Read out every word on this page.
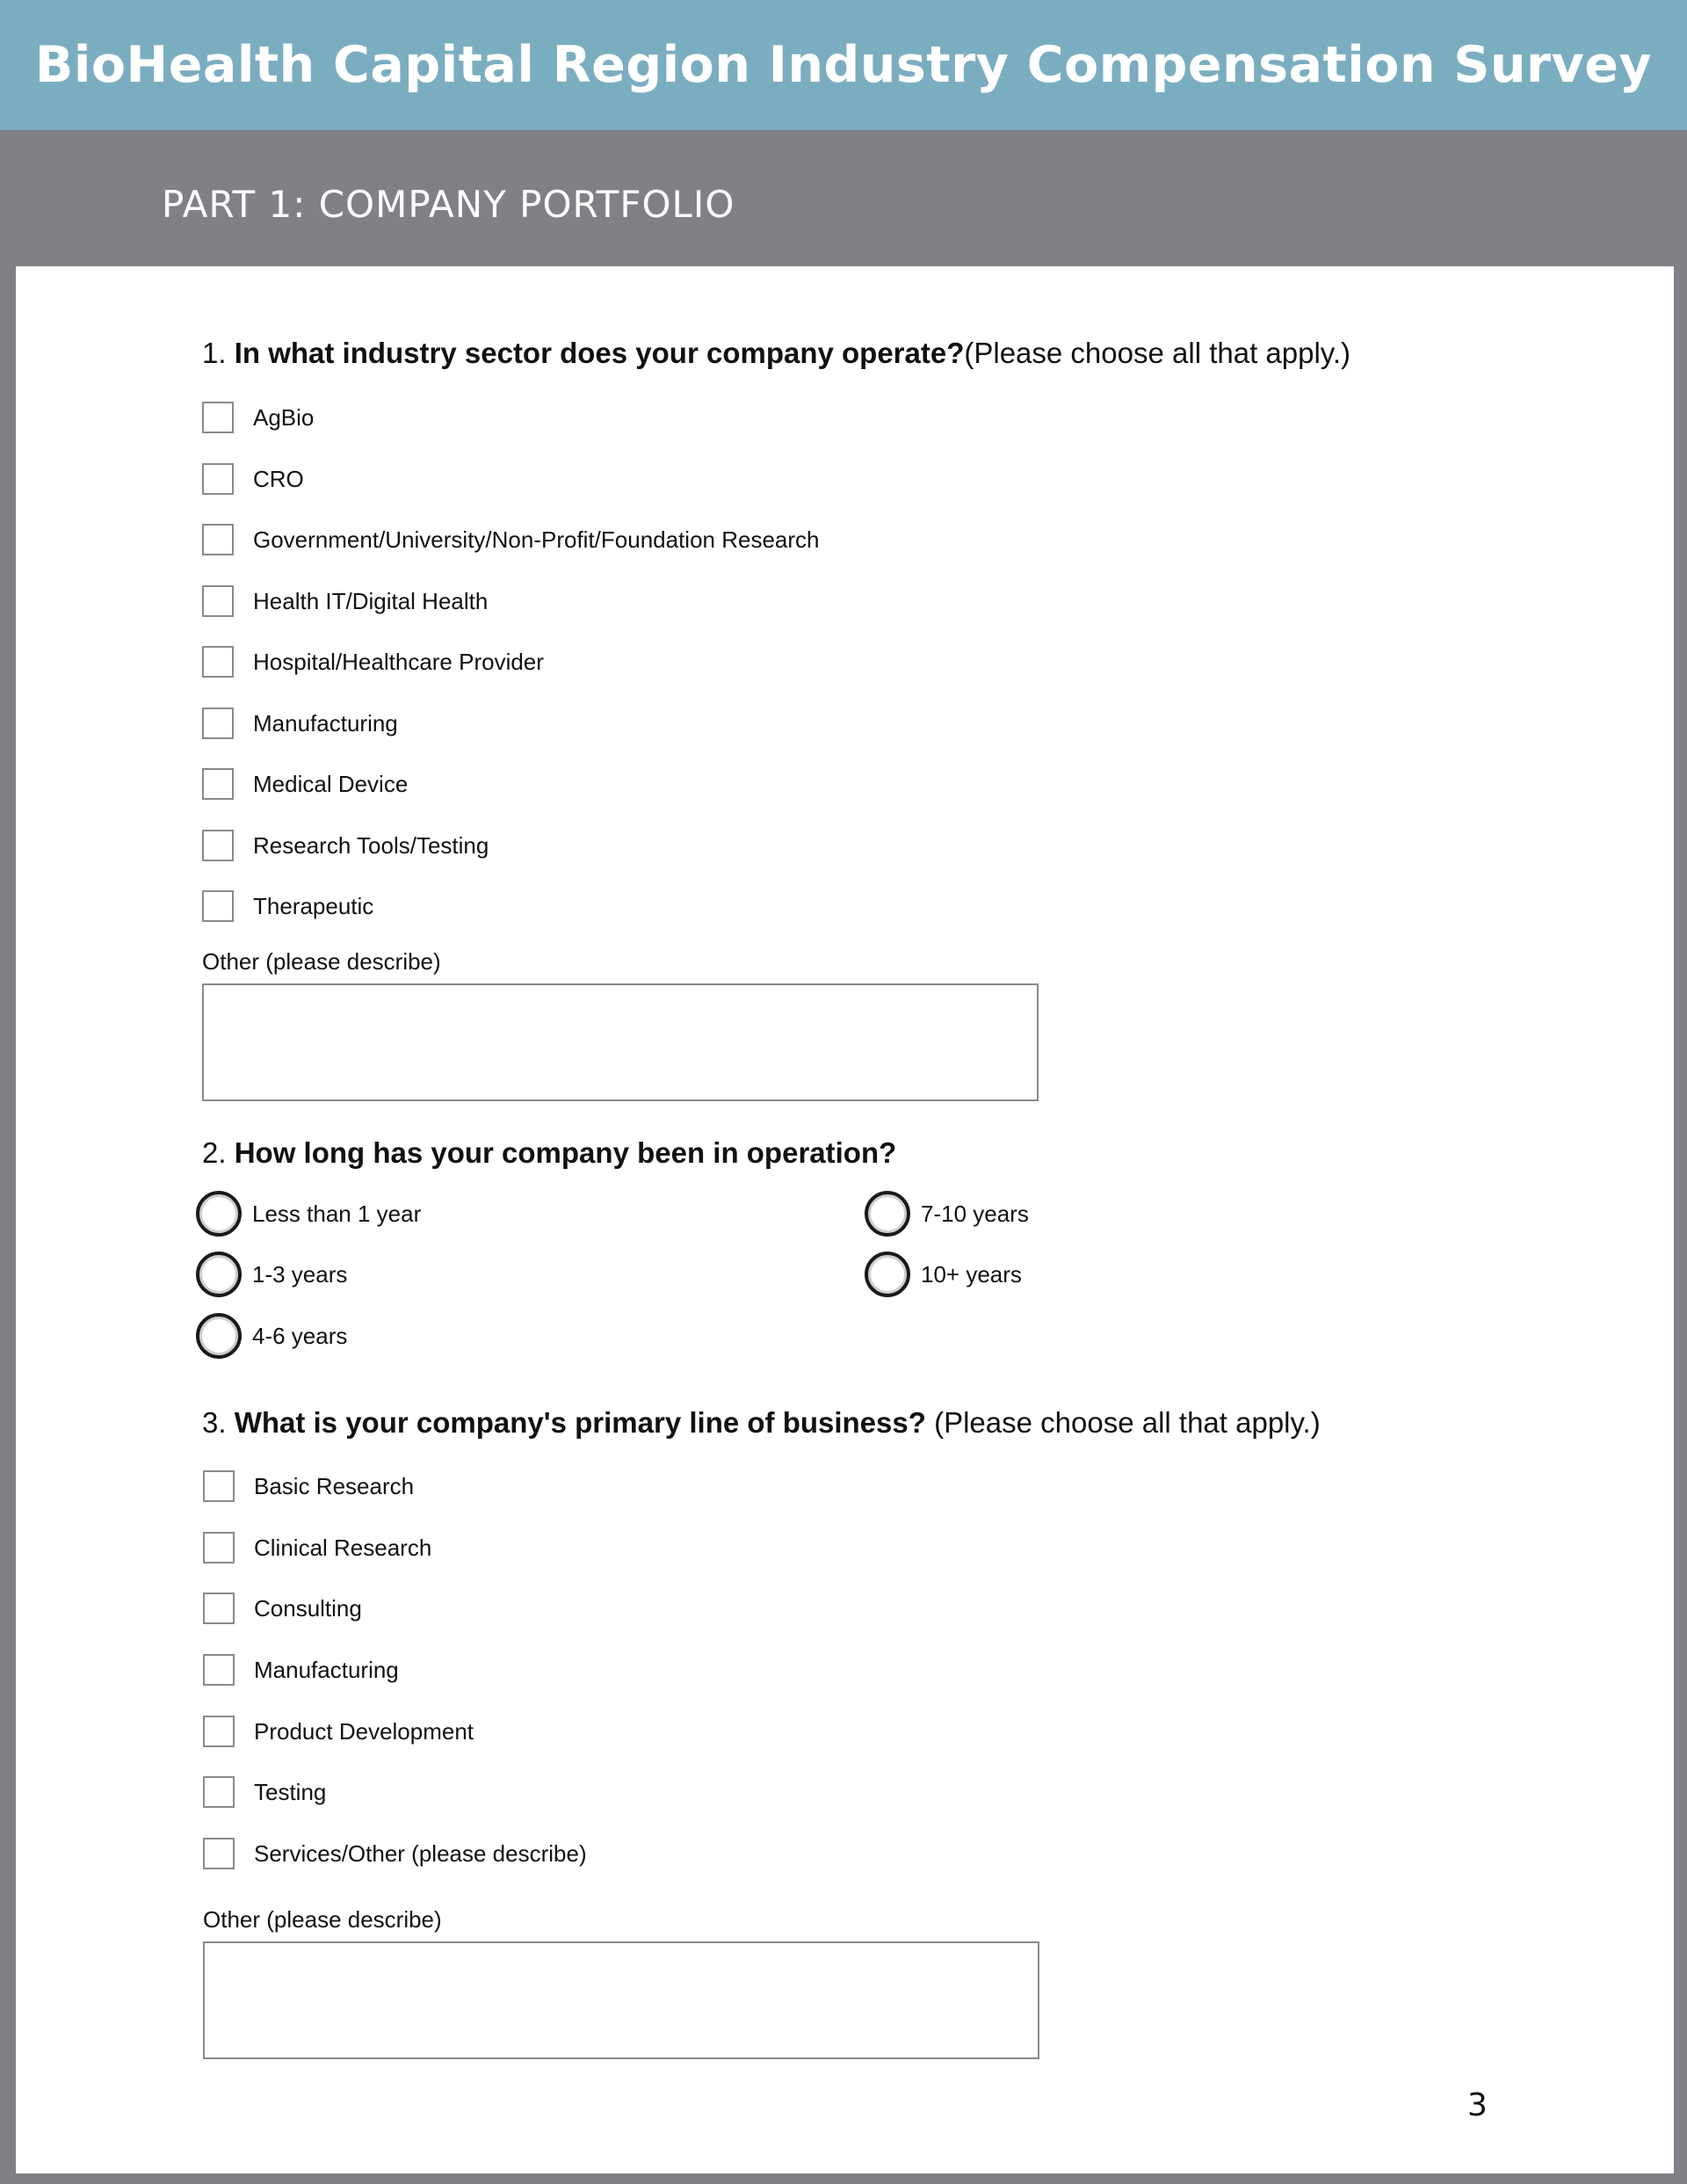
BioHealth Capital Region Industry Compensation Survey
PART 1: COMPANY PORTFOLIO
1. In what industry sector does your company operate?(Please choose all that apply.)
AgBio
CRO
Government/University/Non-Profit/Foundation Research
Health IT/Digital Health
Hospital/Healthcare Provider
Manufacturing
Medical Device
Research Tools/Testing
Therapeutic
Other (please describe)
2. How long has your company been in operation?
Less than 1 year
1-3 years
4-6 years
7-10 years
10+ years
3. What is your company's primary line of business? (Please choose all that apply.)
Basic Research
Clinical Research
Consulting
Manufacturing
Product Development
Testing
Services/Other (please describe)
Other (please describe)
3
